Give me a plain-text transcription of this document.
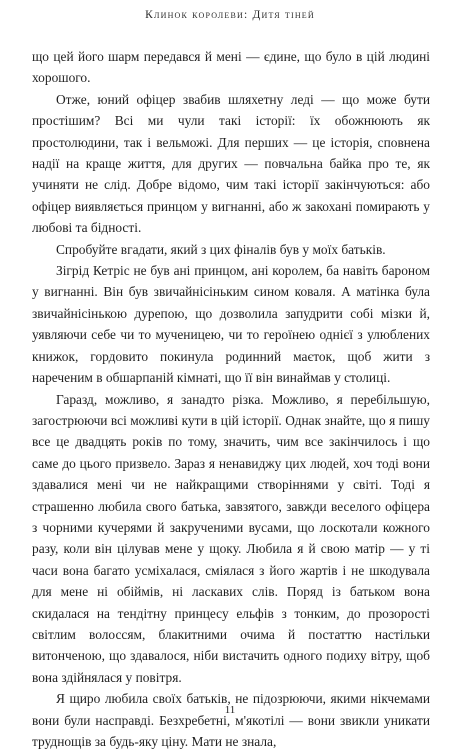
Клинок королеви: Дитя тіней

що цей його шарм передався й мені — єдине, що було в цій людині хорошого.

Отже, юний офіцер звабив шляхетну леді — що може бути простішим? Всі ми чули такі історії: їх обожнюють як простолюдини, так і вельможі. Для перших — це історія, сповнена надії на краще життя, для других — повчальна байка про те, як учиняти не слід. Добре відомо, чим такі історії закінчуються: або офіцер виявляється принцом у вигнанні, або ж закохані помирають у любові та бідності.

Спробуйте вгадати, який з цих фіналів був у моїх батьків.

Зігрід Кетріс не був ані принцом, ані королем, ба навіть бароном у вигнанні. Він був звичайнісіньким сином коваля. А матінка була звичайнісінькою дурепою, що дозволила запудрити собі мізки й, уявляючи себе чи то мученицею, чи то героїнею однієї з улюблених книжок, гордовито покинула родинний маєток, щоб жити з нареченим в обшарпаній кімнаті, що її він винаймав у столиці.

Гаразд, можливо, я занадто різка. Можливо, я перебільшую, загострюючи всі можливі кути в цій історії. Однак знайте, що я пишу все це двадцять років по тому, значить, чим все закінчилось і що саме до цього призвело. Зараз я ненавиджу цих людей, хоч тоді вони здавалися мені чи не найкращими створіннями у світі. Тоді я страшенно любила свого батька, завзятого, завжди веселого офіцера з чорними кучерями й закрученими вусами, що лоскотали кожного разу, коли він цілував мене у щоку. Любила я й свою матір — у ті часи вона багато усміхалася, сміялася з його жартів і не шкодувала для мене ні обіймів, ні ласкавих слів. Поряд із батьком вона скидалася на тендітну принцесу ельфів з тонким, до прозорості світлим волоссям, блакитними очима й постаттю настільки витонченою, що здавалося, ніби вистачить одного подиху вітру, щоб вона здійнялася у повітря.

Я щиро любила своїх батьків, не підозрюючи, якими нікчемами вони були насправді. Безхребетні, м'якотілі — вони звикли уникати труднощів за будь-яку ціну. Мати не знала,

11
